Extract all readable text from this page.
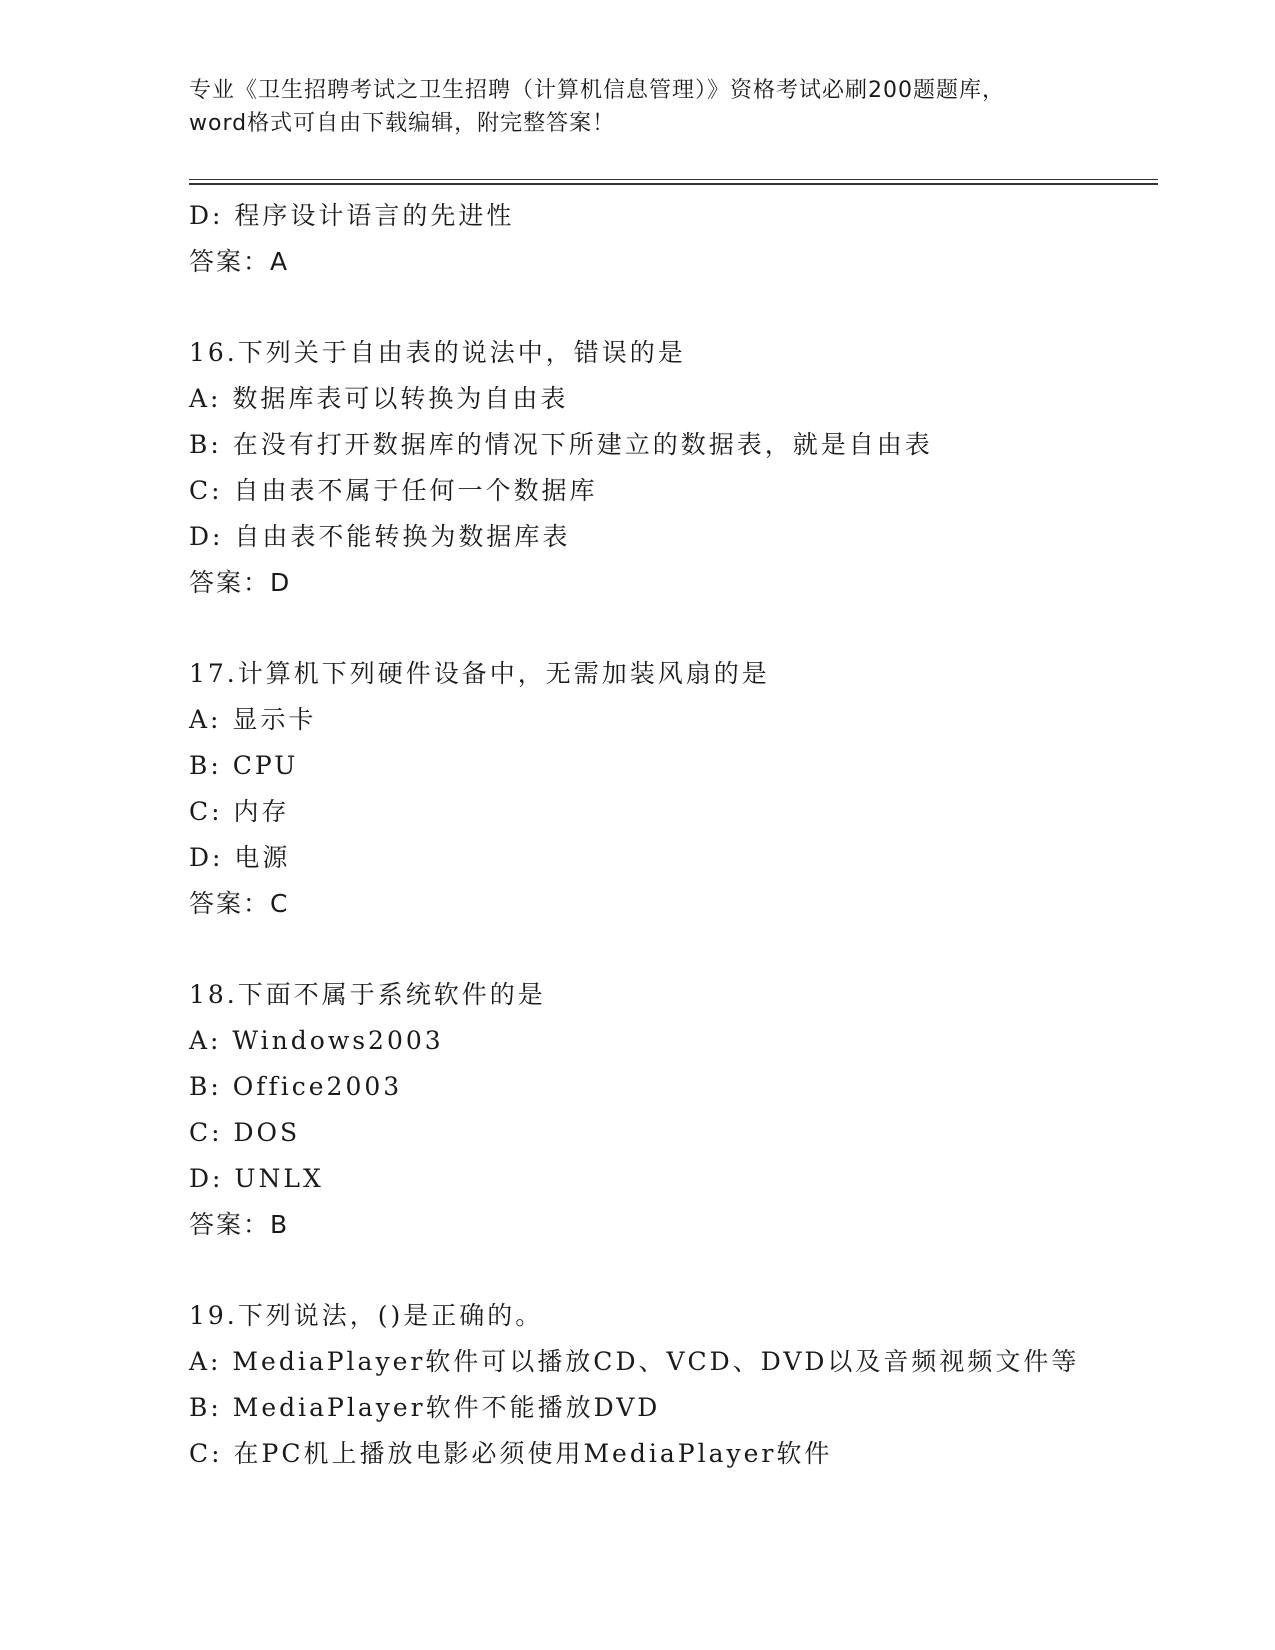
专业《卫生招聘考试之卫生招聘（计算机信息管理）》资格考试必刷200题题库，
word格式可自由下载编辑，附完整答案！
D: 程序设计语言的先进性
答案：A
16.下列关于自由表的说法中，错误的是
A: 数据库表可以转换为自由表
B: 在没有打开数据库的情况下所建立的数据表，就是自由表
C: 自由表不属于任何一个数据库
D: 自由表不能转换为数据库表
答案：D
17.计算机下列硬件设备中，无需加装风扇的是
A: 显示卡
B: CPU
C: 内存
D: 电源
答案：C
18.下面不属于系统软件的是
A: Windows2003
B: Office2003
C: DOS
D: UNLX
答案：B
19.下列说法，()是正确的。
A: MediaPlayer软件可以播放CD、VCD、DVD以及音频视频文件等
B: MediaPlayer软件不能播放DVD
C: 在PC机上播放电影必须使用MediaPlayer软件
